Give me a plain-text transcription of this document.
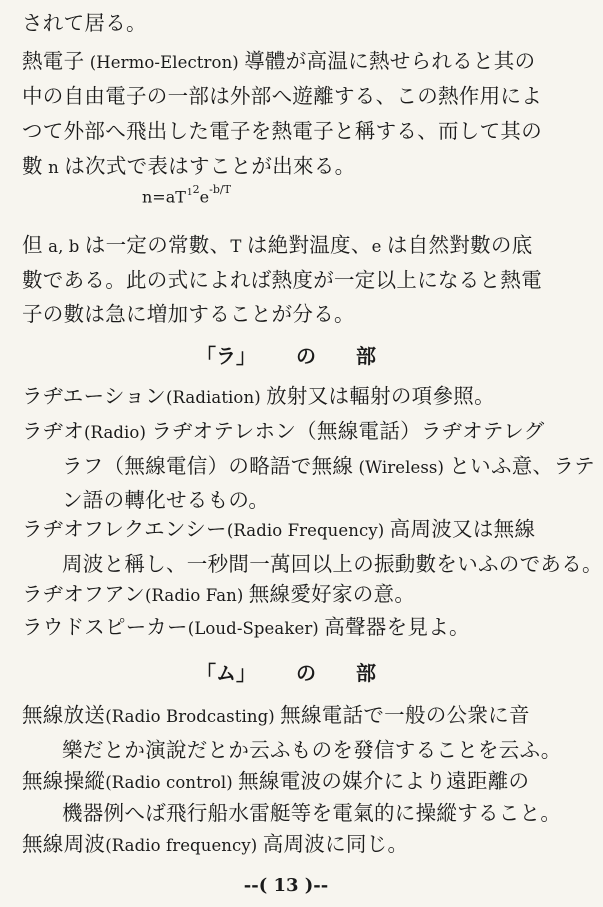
されて居る。
熱電子 (Hermo-Electron) 導體が高温に熱せられると其の
中の自由電子の一部は外部へ遊離する、この熱作用によ
つて外部へ飛出した電子を熱電子と稱する、而して其の
數 n は次式で表はすことが出來る。
$n=aT^{12}e^{-b/T}$
但 a, b は一定の常數、T は絶對温度、e は自然對數の底
數である。此の式によれば熱度が一定以上になると熱電
子の數は急に増加することが分る。
「ラ」 の 部
ラヂエーション(Radiation) 放射又は輻射の項參照。
ラヂオ(Radio) ラヂオテレホン（無線電話）ラヂオテレグ
ラフ（無線電信）の略語で無線 (Wireless) といふ意、ラテ
ン語の轉化せるもの。
ラヂオフレクエンシー(Radio Frequency) 高周波又は無線
周波と稱し、一秒間一萬回以上の振動數をいふのである。
ラヂオフアン(Radio Fan) 無線愛好家の意。
ラウドスピーカー(Loud-Speaker) 高聲器を見よ。
「ム」 の 部
無線放送(Radio Brodcasting) 無線電話で一般の公衆に音
樂だとか演說だとか云ふものを發信することを云ふ。
無線操縱(Radio control) 無線電波の媒介により遠距離の
機器例へば飛行船水雷艇等を電氣的に操縱すること。
無線周波(Radio frequency) 高周波に同じ。
--( 13 )--
